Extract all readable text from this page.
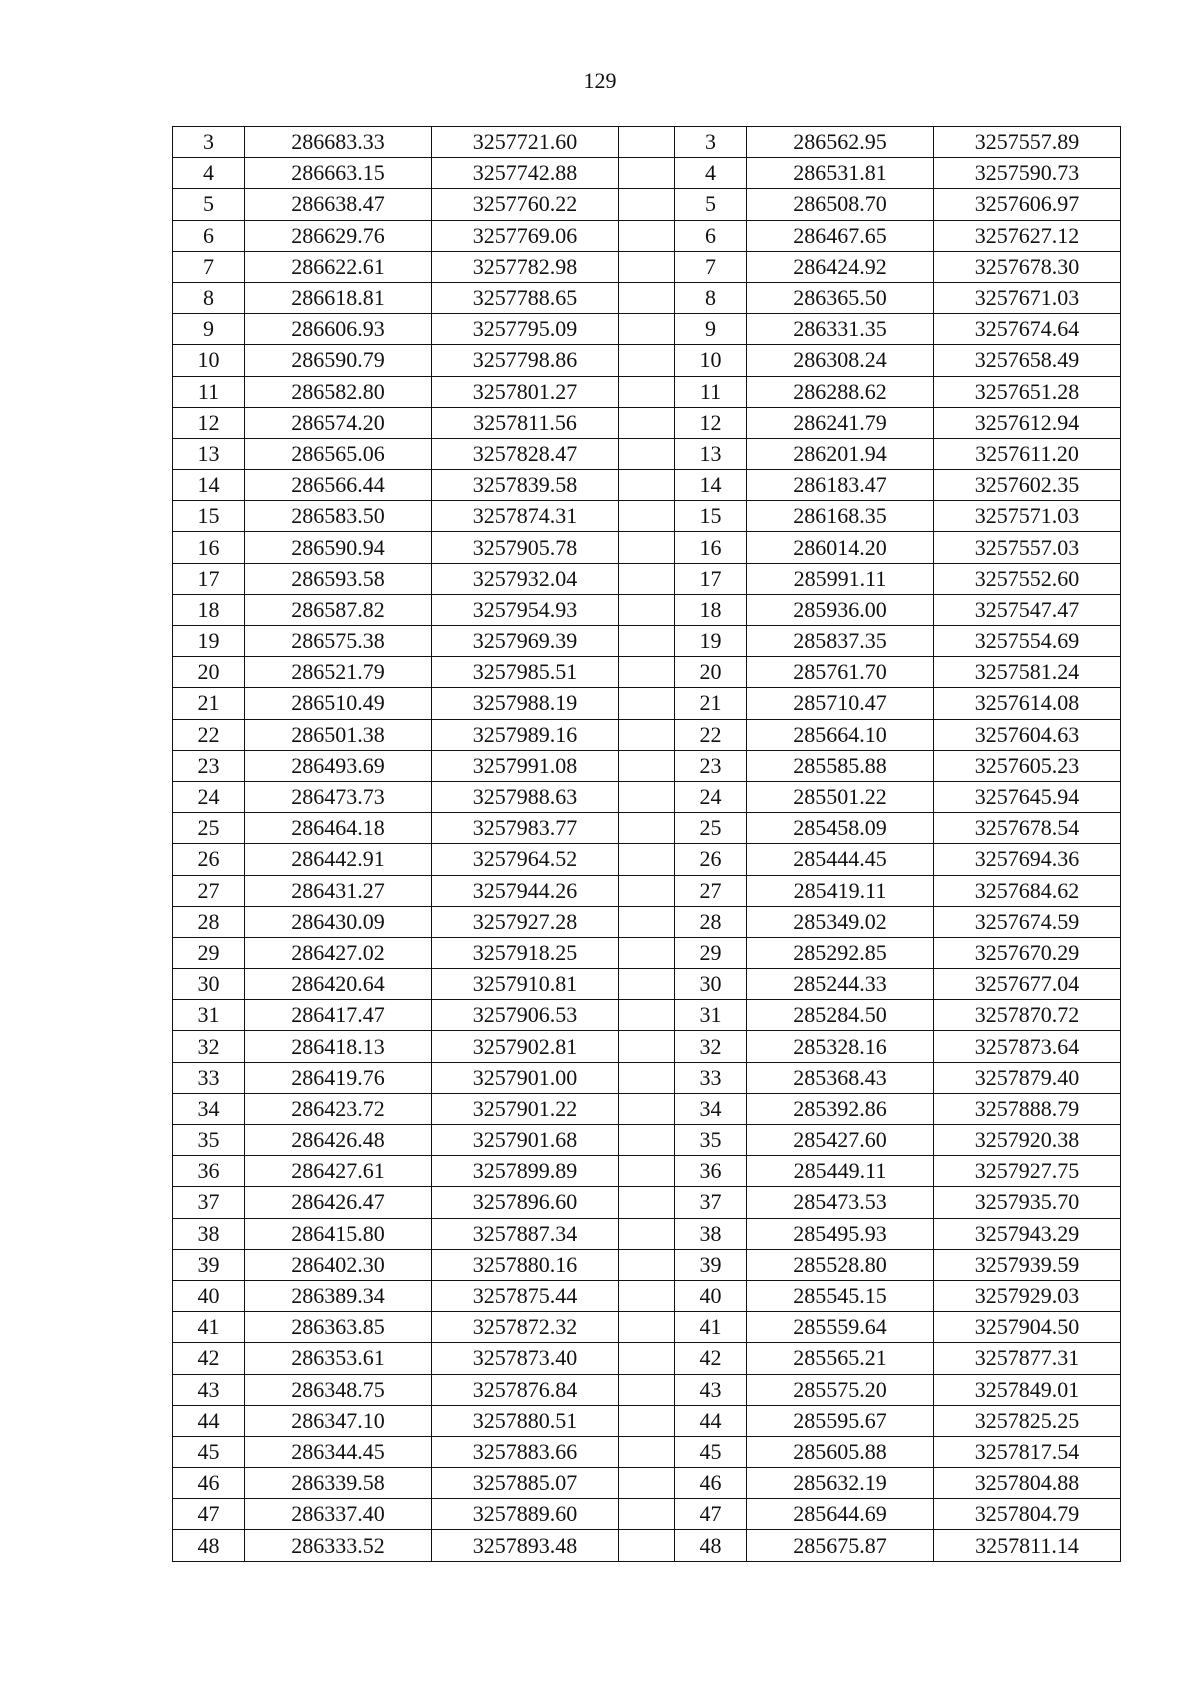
129
3	286683.33	3257721.60		3	286562.95	3257557.89
4	286663.15	3257742.88		4	286531.81	3257590.73
5	286638.47	3257760.22		5	286508.70	3257606.97
6	286629.76	3257769.06		6	286467.65	3257627.12
7	286622.61	3257782.98		7	286424.92	3257678.30
8	286618.81	3257788.65		8	286365.50	3257671.03
9	286606.93	3257795.09		9	286331.35	3257674.64
10	286590.79	3257798.86		10	286308.24	3257658.49
11	286582.80	3257801.27		11	286288.62	3257651.28
12	286574.20	3257811.56		12	286241.79	3257612.94
13	286565.06	3257828.47		13	286201.94	3257611.20
14	286566.44	3257839.58		14	286183.47	3257602.35
15	286583.50	3257874.31		15	286168.35	3257571.03
16	286590.94	3257905.78		16	286014.20	3257557.03
17	286593.58	3257932.04		17	285991.11	3257552.60
18	286587.82	3257954.93		18	285936.00	3257547.47
19	286575.38	3257969.39		19	285837.35	3257554.69
20	286521.79	3257985.51		20	285761.70	3257581.24
21	286510.49	3257988.19		21	285710.47	3257614.08
22	286501.38	3257989.16		22	285664.10	3257604.63
23	286493.69	3257991.08		23	285585.88	3257605.23
24	286473.73	3257988.63		24	285501.22	3257645.94
25	286464.18	3257983.77		25	285458.09	3257678.54
26	286442.91	3257964.52		26	285444.45	3257694.36
27	286431.27	3257944.26		27	285419.11	3257684.62
28	286430.09	3257927.28		28	285349.02	3257674.59
29	286427.02	3257918.25		29	285292.85	3257670.29
30	286420.64	3257910.81		30	285244.33	3257677.04
31	286417.47	3257906.53		31	285284.50	3257870.72
32	286418.13	3257902.81		32	285328.16	3257873.64
33	286419.76	3257901.00		33	285368.43	3257879.40
34	286423.72	3257901.22		34	285392.86	3257888.79
35	286426.48	3257901.68		35	285427.60	3257920.38
36	286427.61	3257899.89		36	285449.11	3257927.75
37	286426.47	3257896.60		37	285473.53	3257935.70
38	286415.80	3257887.34		38	285495.93	3257943.29
39	286402.30	3257880.16		39	285528.80	3257939.59
40	286389.34	3257875.44		40	285545.15	3257929.03
41	286363.85	3257872.32		41	285559.64	3257904.50
42	286353.61	3257873.40		42	285565.21	3257877.31
43	286348.75	3257876.84		43	285575.20	3257849.01
44	286347.10	3257880.51		44	285595.67	3257825.25
45	286344.45	3257883.66		45	285605.88	3257817.54
46	286339.58	3257885.07		46	285632.19	3257804.88
47	286337.40	3257889.60		47	285644.69	3257804.79
48	286333.52	3257893.48		48	285675.87	3257811.14
